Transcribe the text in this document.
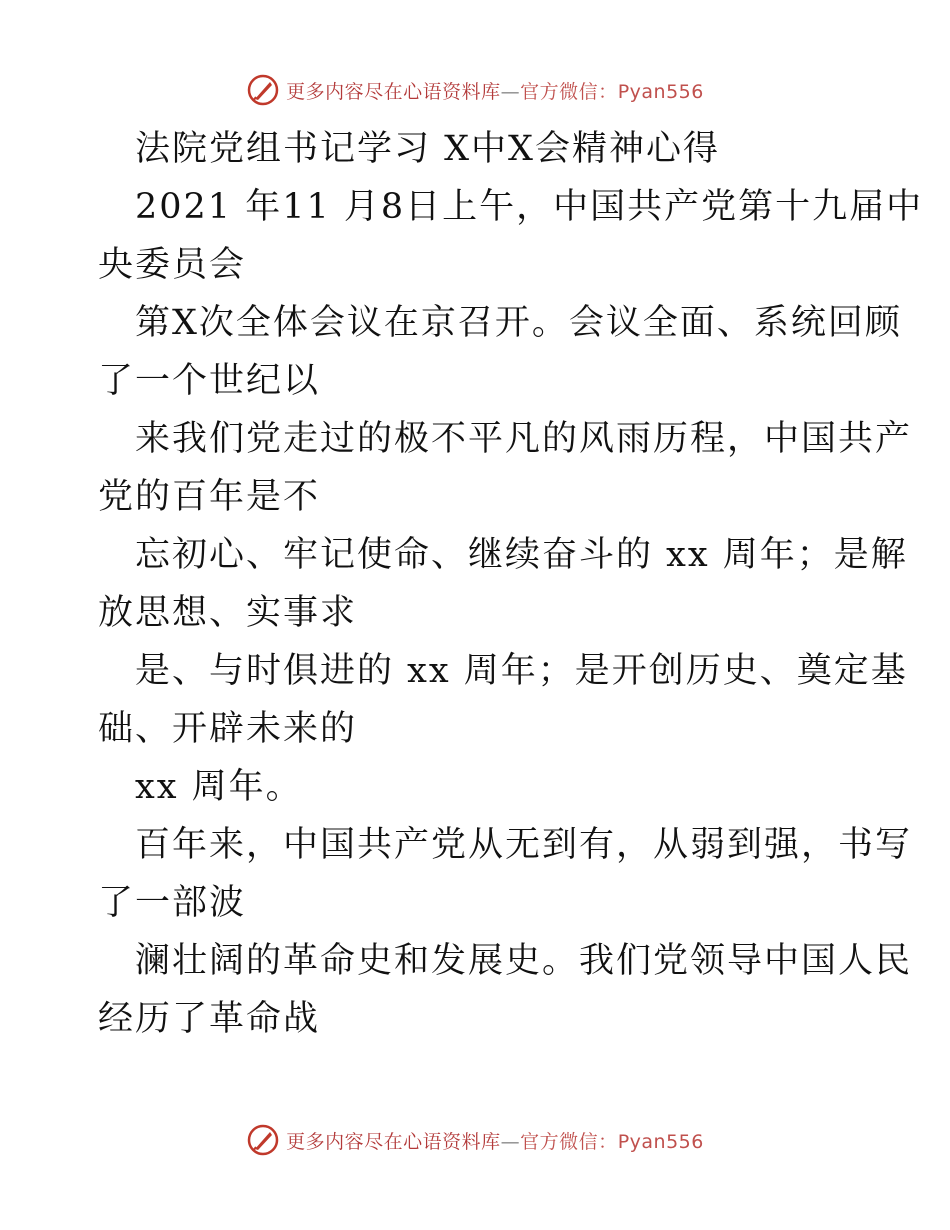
更多内容尽在心语资料库—官方微信：Pyan556
法院党组书记学习 X中X会精神心得
2021 年11 月8日上午，中国共产党第十九届中
央委员会
第X次全体会议在京召开。会议全面、系统回顾
了一个世纪以
来我们党走过的极不平凡的风雨历程，中国共产
党的百年是不
忘初心、牢记使命、继续奋斗的 xx 周年；是解
放思想、实事求
是、与时俱进的 xx 周年；是开创历史、奠定基
础、开辟未来的
xx 周年。
百年来，中国共产党从无到有，从弱到强，书写
了一部波
澜壮阔的革命史和发展史。我们党领导中国人民
经历了革命战
更多内容尽在心语资料库—官方微信：Pyan556
